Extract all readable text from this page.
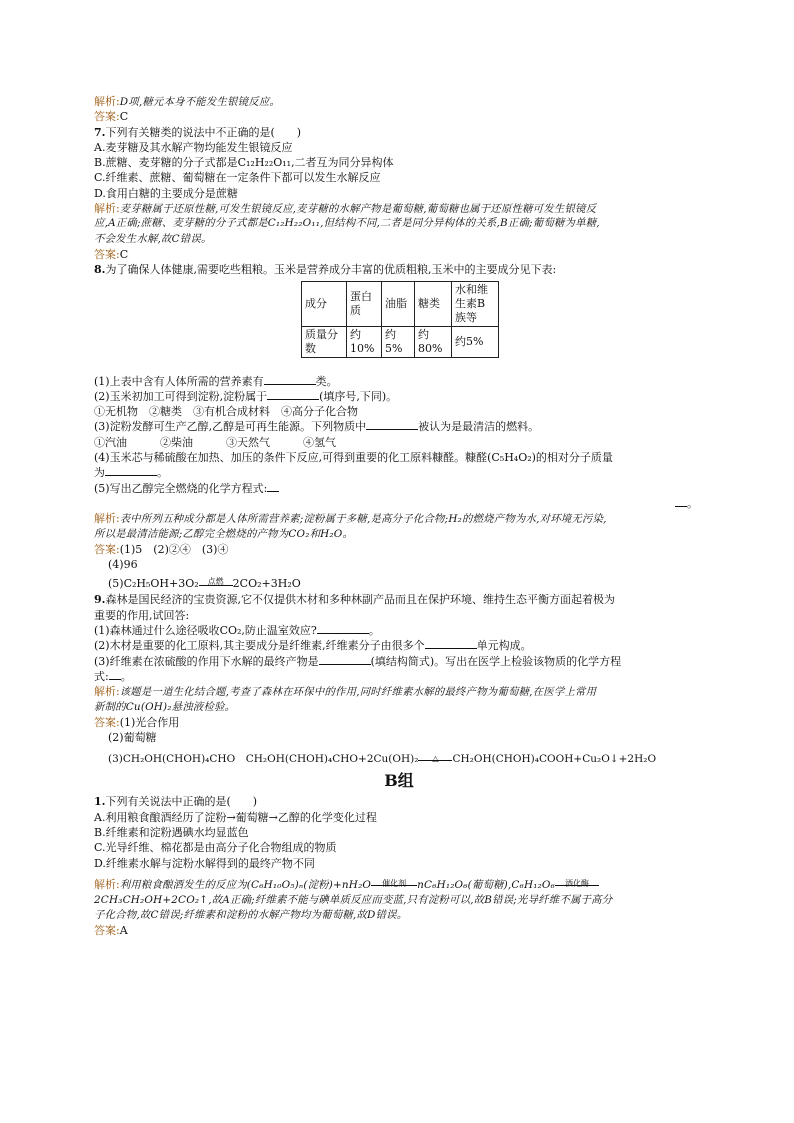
解析:D项,糖元本身不能发生银镜反应。
答案:C
7.下列有关糖类的说法中不正确的是(　　)
A.麦芽糖及其水解产物均能发生银镜反应
B.蔗糖、麦芽糖的分子式都是C₁₂H₂₂O₁₁,二者互为同分异构体
C.纤维素、蔗糖、葡萄糖在一定条件下都可以发生水解反应
D.食用白糖的主要成分是蔗糖
解析:麦芽糖属于还原性糖,可发生银镜反应,麦芽糖的水解产物是葡萄糖,葡萄糖也属于还原性糖可发生银镜反
应,A正确;蔗糖、麦芽糖的分子式都是C₁₂H₂₂O₁₁,但结构不同,二者是同分异构体的关系,B正确;葡萄糖为单糖,
不会发生水解,故C错误。
答案:C
8.为了确保人体健康,需要吃些粗粮。玉米是营养成分丰富的优质粗粮,玉米中的主要成分见下表:
成分	蛋白质	油脂	糖类	水和维生素B族等
质量分数	约10%	约5%	约80%	约5%
(1)上表中含有人体所需的营养素有	类。
(2)玉米初加工可得到淀粉,淀粉属于	(填序号,下同)。
①无机物　②糖类　③有机合成材料　④高分子化合物
(3)淀粉发酵可生产乙醇,乙醇是可再生能源。下列物质中	被认为是最清洁的燃料。
①汽油　　　②柴油　　　③天然气　　　④氢气
(4)玉米芯与稀硫酸在加热、加压的条件下反应,可得到重要的化工原料糠醛。糠醛(C₅H₄O₂)的相对分子质量
为	。
(5)写出乙醇完全燃烧的化学方程式:
。
解析:表中所列五种成分都是人体所需营养素;淀粉属于多糖,是高分子化合物;H₂的燃烧产物为水,对环境无污染,
所以是最清洁能源;乙醇完全燃烧的产物为CO₂和H₂O。
答案:(1)5　(2)②④　(3)④
(4)96
(5)C₂H₅OH+3O₂	点燃 2CO₂+3H₂O
9.森林是国民经济的宝贵资源,它不仅提供木材和多种林副产品而且在保护环境、维持生态平衡方面起着极为
重要的作用,试回答:
(1)森林通过什么途径吸收CO₂,防止温室效应?	。
(2)木材是重要的化工原料,其主要成分是纤维素,纤维素分子由很多个	单元构成。
(3)纤维素在浓硫酸的作用下水解的最终产物是	(填结构简式)。写出在医学上检验该物质的化学方程
式: 。
解析:该题是一道生化结合题,考查了森林在环保中的作用,同时纤维素水解的最终产物为葡萄糖,在医学上常用
新制的Cu(OH)₂悬浊液检验。
答案:(1)光合作用
(2)葡萄糖
(3)CH₂OH(CHOH)₄CHO　CH₂OH(CHOH)₄CHO+2Cu(OH)₂	△	CH₂OH(CHOH)₄COOH+Cu₂O↓+2H₂O
B组
1.下列有关说法中正确的是(　　)
A.利用粮食酿酒经历了淀粉→葡萄糖→乙醇的化学变化过程
B.纤维素和淀粉遇碘水均显蓝色
C.光导纤维、棉花都是由高分子化合物组成的物质
D.纤维素水解与淀粉水解得到的最终产物不同
解析:利用粮食酿酒发生的反应为(C₆H₁₀O₅)ₙ(淀粉)+nH₂O	催化剂	nC₆H₁₂O₆(葡萄糖),C₆H₁₂O₆	酒化酶
2CH₃CH₂OH+2CO₂↑,故A正确;纤维素不能与碘单质反应而变蓝,只有淀粉可以,故B错误;光导纤维不属于高分
子化合物,故C错误;纤维素和淀粉的水解产物均为葡萄糖,故D错误。
答案:A
